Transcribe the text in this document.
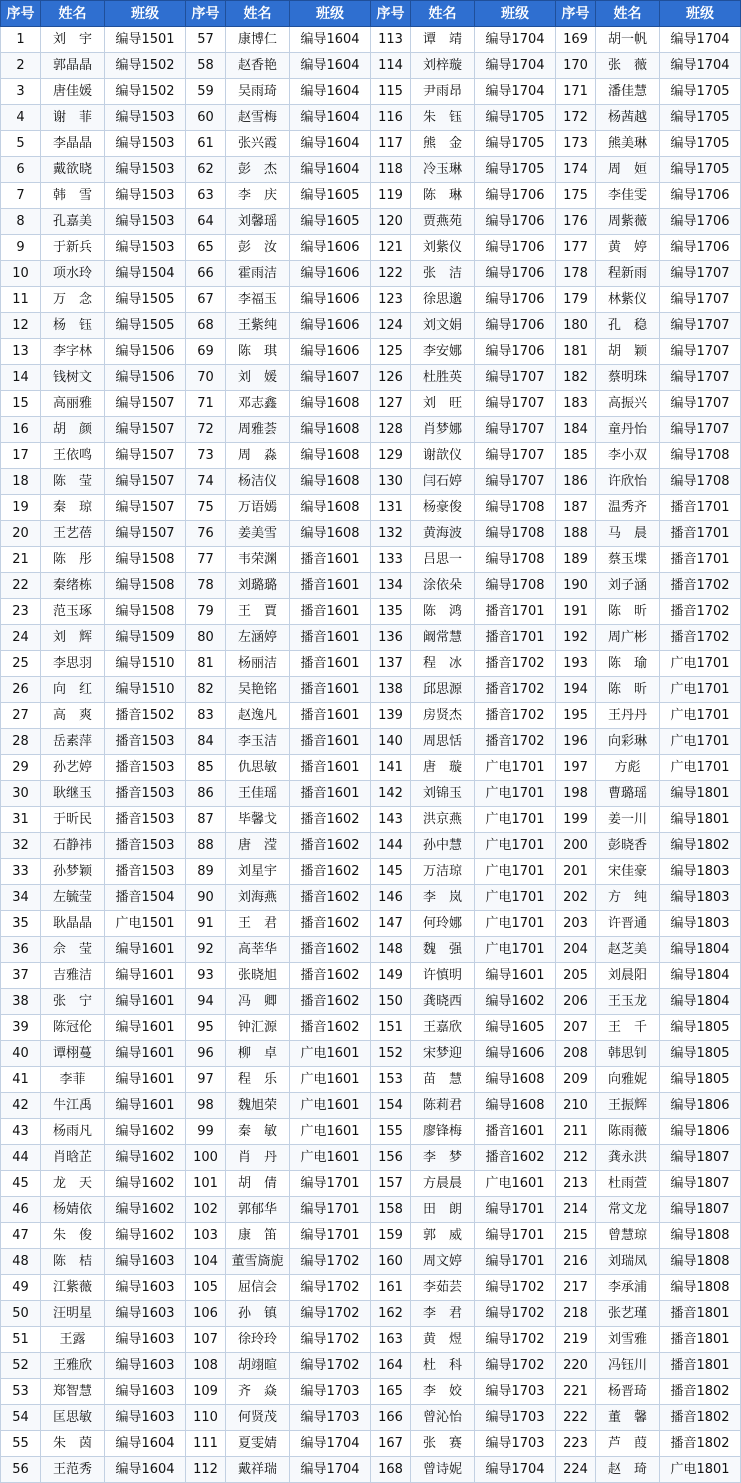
序号	姓名	班级	序号	姓名	班级	序号	姓名	班级	序号	姓名	班级
1	刘　宇	编导1501	57	康博仁	编导1604	113	谭　靖	编导1704	169	胡一帆	编导1704
2	郭晶晶	编导1502	58	赵香艳	编导1604	114	刘梓璇	编导1704	170	张　薇	编导1704
3	唐佳媛	编导1502	59	吴雨琦	编导1604	115	尹雨昂	编导1704	171	潘佳慧	编导1705
4	谢　菲	编导1503	60	赵雪梅	编导1604	116	朱　钰	编导1705	172	杨茜越	编导1705
5	李晶晶	编导1503	61	张兴霞	编导1604	117	熊　金	编导1705	173	熊美琳	编导1705
6	戴欲晓	编导1503	62	彭　杰	编导1604	118	冷玉琳	编导1705	174	周　姮	编导1705
7	韩　雪	编导1503	63	李　庆	编导1605	119	陈　琳	编导1706	175	李佳雯	编导1706
8	孔嘉美	编导1503	64	刘馨瑶	编导1605	120	贾燕苑	编导1706	176	周紫薇	编导1706
9	于新兵	编导1503	65	彭　汝	编导1606	121	刘紫仪	编导1706	177	黄　婷	编导1706
10	项水玲	编导1504	66	霍雨洁	编导1606	122	张　洁	编导1706	178	程新雨	编导1707
11	万　念	编导1505	67	李福玉	编导1606	123	徐思邈	编导1706	179	林紫仪	编导1707
12	杨　钰	编导1505	68	王紫纯	编导1606	124	刘文娟	编导1706	180	孔　稳	编导1707
13	李字林	编导1506	69	陈　琪	编导1606	125	李安娜	编导1706	181	胡　颖	编导1707
14	钱树文	编导1506	70	刘　媛	编导1607	126	杜胜英	编导1707	182	蔡明珠	编导1707
15	高丽雅	编导1507	71	邓志鑫	编导1608	127	刘　旺	编导1707	183	高振兴	编导1707
16	胡　颜	编导1507	72	周雅荟	编导1608	128	肖梦娜	编导1707	184	童丹怡	编导1707
17	王依鸣	编导1507	73	周　淼	编导1608	129	谢歆仪	编导1707	185	李小双	编导1708
18	陈　莹	编导1507	74	杨洁仪	编导1608	130	闫石婷	编导1707	186	许欣怡	编导1708
19	秦　琼	编导1507	75	万语嫣	编导1608	131	杨豪俊	编导1708	187	温秀齐	播音1701
20	王艺蓓	编导1507	76	姜美雪	编导1608	132	黄海波	编导1708	188	马　晨	播音1701
21	陈　彤	编导1508	77	韦荣渊	播音1601	133	吕思一	编导1708	189	蔡玉堞	播音1701
22	秦绪栋	编导1508	78	刘璐璐	播音1601	134	涂依朵	编导1708	190	刘子涵	播音1702
23	范玉琢	编导1508	79	王　賈	播音1601	135	陈　鸿	播音1701	191	陈　昕	播音1702
24	刘　辉	编导1509	80	左涵婷	播音1601	136	阚常慧	播音1701	192	周广彬	播音1702
25	李思羽	编导1510	81	杨丽洁	播音1601	137	程　冰	播音1702	193	陈　瑜	广电1701
26	向　红	编导1510	82	吴艳铭	播音1601	138	邱思源	播音1702	194	陈　昕	广电1701
27	高　爽	播音1502	83	赵逸凡	播音1601	139	房贤杰	播音1702	195	王丹丹	广电1701
28	岳素萍	播音1503	84	李玉洁	播音1601	140	周思恬	播音1702	196	向彩琳	广电1701
29	孙艺婷	播音1503	85	仇思敏	播音1601	141	唐　璇	广电1701	197	方彪	广电1701
30	耿继玉	播音1503	86	王佳瑶	播音1601	142	刘锦玉	广电1701	198	曹璐瑶	编导1801
31	于昕民	播音1503	87	毕馨戈	播音1602	143	洪京燕	广电1701	199	姜一川	编导1801
32	石静祎	播音1503	88	唐　滢	播音1602	144	孙中慧	广电1701	200	彭晓香	编导1802
33	孙梦颖	播音1503	89	刘星宇	播音1602	145	万洁琼	广电1701	201	宋佳豪	编导1803
34	左毓莹	播音1504	90	刘海燕	播音1602	146	李　岚	广电1701	202	方　纯	编导1803
35	耿晶晶	广电1501	91	王　君	播音1602	147	何玲娜	广电1701	203	许晋通	编导1803
36	佘　莹	编导1601	92	高莘华	播音1602	148	魏　强	广电1701	204	赵芝美	编导1804
37	吉雅洁	编导1601	93	张晓旭	播音1602	149	许慎明	编导1601	205	刘晨阳	编导1804
38	张　宁	编导1601	94	冯　卿	播音1602	150	龚晓西	编导1602	206	王玉龙	编导1804
39	陈冠伦	编导1601	95	钟汇源	播音1602	151	王嘉欣	编导1605	207	王　千	编导1805
40	谭栩蔓	编导1601	96	柳　卓	广电1601	152	宋梦迎	编导1606	208	韩思钊	编导1805
41	李菲	编导1601	97	程　乐	广电1601	153	苗　慧	编导1608	209	向雅妮	编导1805
42	牛江禹	编导1601	98	魏旭荣	广电1601	154	陈莉君	编导1608	210	王振辉	编导1806
43	杨雨凡	编导1602	99	秦　敏	广电1601	155	廖锋梅	播音1601	211	陈雨薇	编导1806
44	肖晗芷	编导1602	100	肖　丹	广电1601	156	李　梦	播音1602	212	龚永洪	编导1807
45	龙　天	编导1602	101	胡　倩	编导1701	157	方晨晨	广电1601	213	杜雨萱	编导1807
46	杨婧依	编导1602	102	郭郁华	编导1701	158	田　朗	编导1701	214	常文龙	编导1807
47	朱　俊	编导1602	103	康　笛	编导1701	159	郭　威	编导1701	215	曾慧琼	编导1808
48	陈　桔	编导1603	104	董雪旖旎	编导1702	160	周文婷	编导1701	216	刘瑞凤	编导1808
49	江紫薇	编导1603	105	屈信会	编导1702	161	李茹芸	编导1702	217	李承浦	编导1808
50	汪明星	编导1603	106	孙　镇	编导1702	162	李　君	编导1702	218	张艺瑾	播音1801
51	王露	编导1603	107	徐玲玲	编导1702	163	黄　煜	编导1702	219	刘雪雅	播音1801
52	王雅欣	编导1603	108	胡翊暄	编导1702	164	杜　科	编导1702	220	冯钰川	播音1801
53	郑智慧	编导1603	109	齐　焱	编导1703	165	李　姣	编导1703	221	杨晋琦	播音1802
54	匡思敏	编导1603	110	何贤茂	编导1703	166	曾沁怡	编导1703	222	董　馨	播音1802
55	朱　茵	编导1604	111	夏雯婧	编导1704	167	张　赛	编导1703	223	芦　葭	播音1802
56	王范秀	编导1604	112	戴祥瑞	编导1704	168	曾诗妮	编导1704	224	赵　琦	广电1801
